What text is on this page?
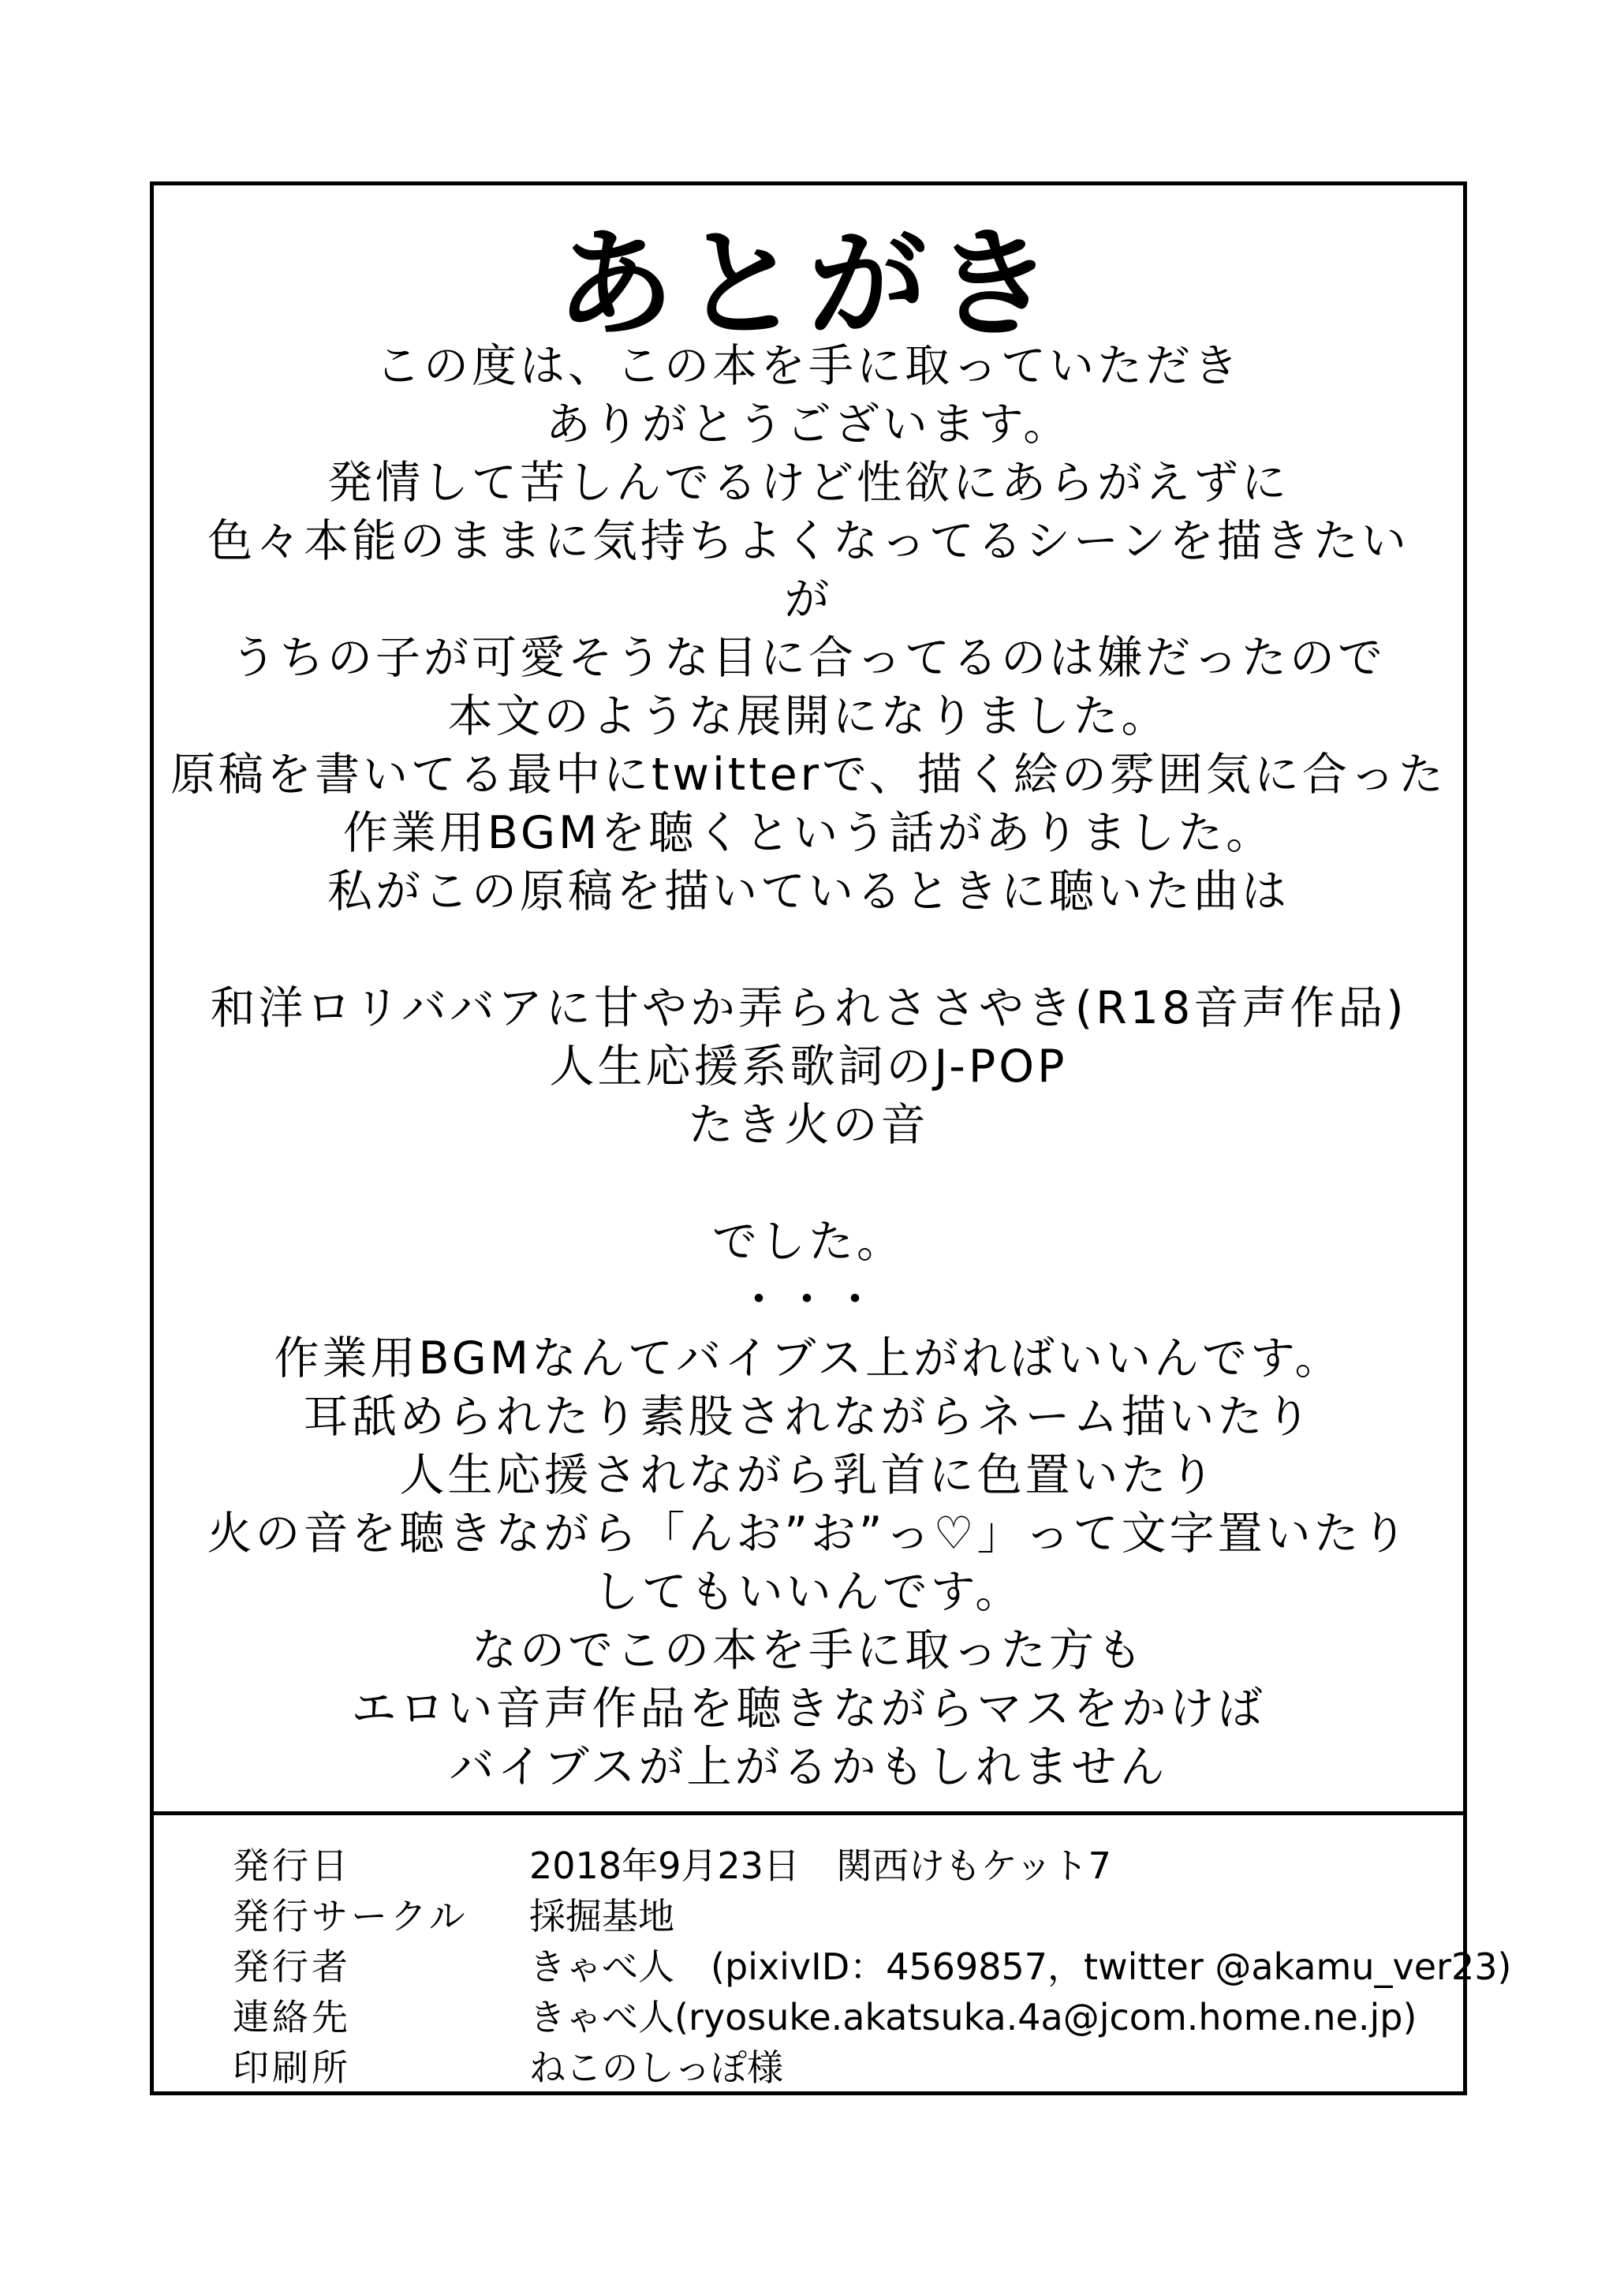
あとがき
この度は、この本を手に取っていただき
ありがとうございます。
発情して苦しんでるけど性欲にあらがえずに
色々本能のままに気持ちよくなってるシーンを描きたい
が
うちの子が可愛そうな目に合ってるのは嫌だったので
本文のような展開になりました。
原稿を書いてる最中にtwitterで、描く絵の雰囲気に合った
作業用BGMを聴くという話がありました。
私がこの原稿を描いているときに聴いた曲は
和洋ロリババアに甘やか弄られささやき(R18音声作品)
人生応援系歌詞のJ-POP
たき火の音
でした。
・・・
作業用BGMなんてバイブス上がればいいんです。
耳舐められたり素股されながらネーム描いたり
人生応援されながら乳首に色置いたり
火の音を聴きながら「んお”お”っ♡」って文字置いたり
してもいいんです。
なのでこの本を手に取った方も
エロい音声作品を聴きながらマスをかけば
バイブスが上がるかもしれません
発行日	2018年9月23日　関西けもケット7
発行サークル 採掘基地
発行者	きゃべ人　(pixivID：4569857，twitter @akamu_ver23)
連絡先	きゃべ人(ryosuke.akatsuka.4a@jcom.home.ne.jp)
印刷所	ねこのしっぽ様
